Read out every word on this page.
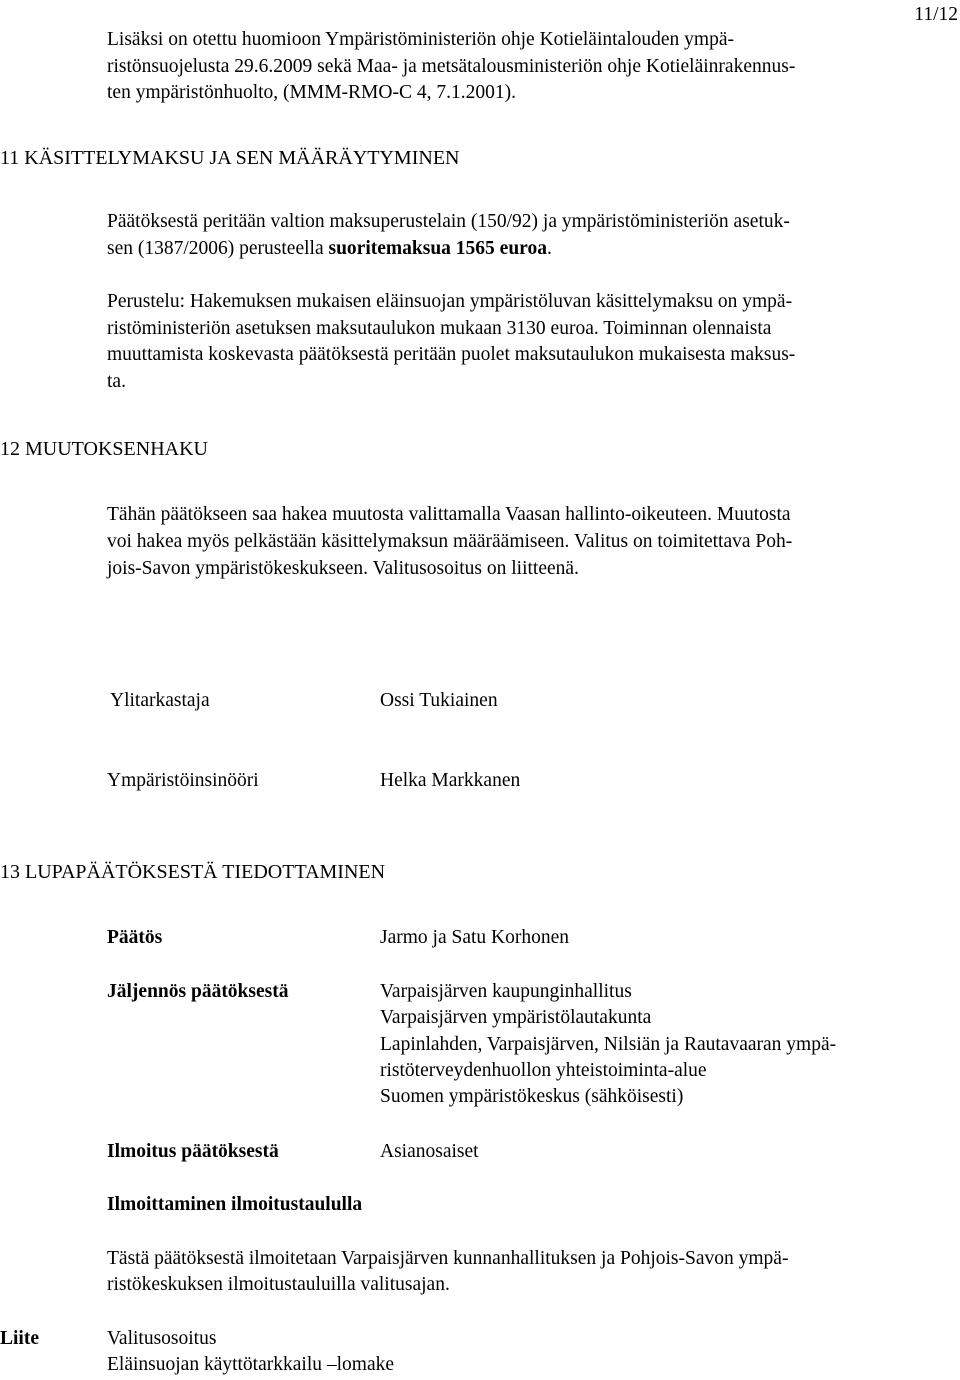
11/12
Lisäksi on otettu huomioon Ympäristöministeriön ohje Kotieläintalouden ympä-
ristönsuojelusta 29.6.2009 sekä Maa- ja metsätalousministeriön ohje Kotieläinrakennus-
ten ympäristönhuolto, (MMM-RMO-C 4, 7.1.2001).
11 KÄSITTELYMAKSU JA SEN MÄÄRÄYTYMINEN
Päätöksestä peritään valtion maksuperustelain (150/92) ja ympäristöministeriön asetuk-
sen (1387/2006) perusteella suoritemaksua 1565 euroa.
Perustelu: Hakemuksen mukaisen eläinsuojan ympäristöluvan käsittelymaksu on ympä-
ristöministeriön asetuksen maksutaulukon mukaan 3130 euroa. Toiminnan olennaista
muuttamista koskevasta päätöksestä peritään puolet maksutaulukon mukaisesta maksus-
ta.
12 MUUTOKSENHAKU
Tähän päätökseen saa hakea muutosta valittamalla Vaasan hallinto-oikeuteen. Muutosta
voi hakea myös pelkästään käsittelymaksun määräämiseen. Valitus on toimitettava Poh-
jois-Savon ympäristökeskukseen. Valitusosoitus on liitteenä.
Ylitarkastaja	Ossi Tukiainen
Ympäristöinsinööri	Helka Markkanen
13 LUPAPÄÄTÖKSESTÄ TIEDOTTAMINEN
Päätös	Jarmo ja Satu Korhonen
Jäljennös päätöksestä	Varpaisjärven kaupunginhallitus
Varpaisjärven ympäristölautakunta
Lapinlahden, Varpaisjärven, Nilsiän ja Rautavaaran ympä-
ristöterveydenhuollon yhteistoiminta-alue
Suomen ympäristökeskus (sähköisesti)
Ilmoitus päätöksestä	Asianosaiset
Ilmoittaminen ilmoitustaululla
Tästä päätöksestä ilmoitetaan Varpaisjärven kunnanhallituksen ja Pohjois-Savon ympä-
ristökeskuksen ilmoitustauluilla valitusajan.
Liite	Valitusosoitus
Eläinsuojan käyttötarkkailu –lomake
